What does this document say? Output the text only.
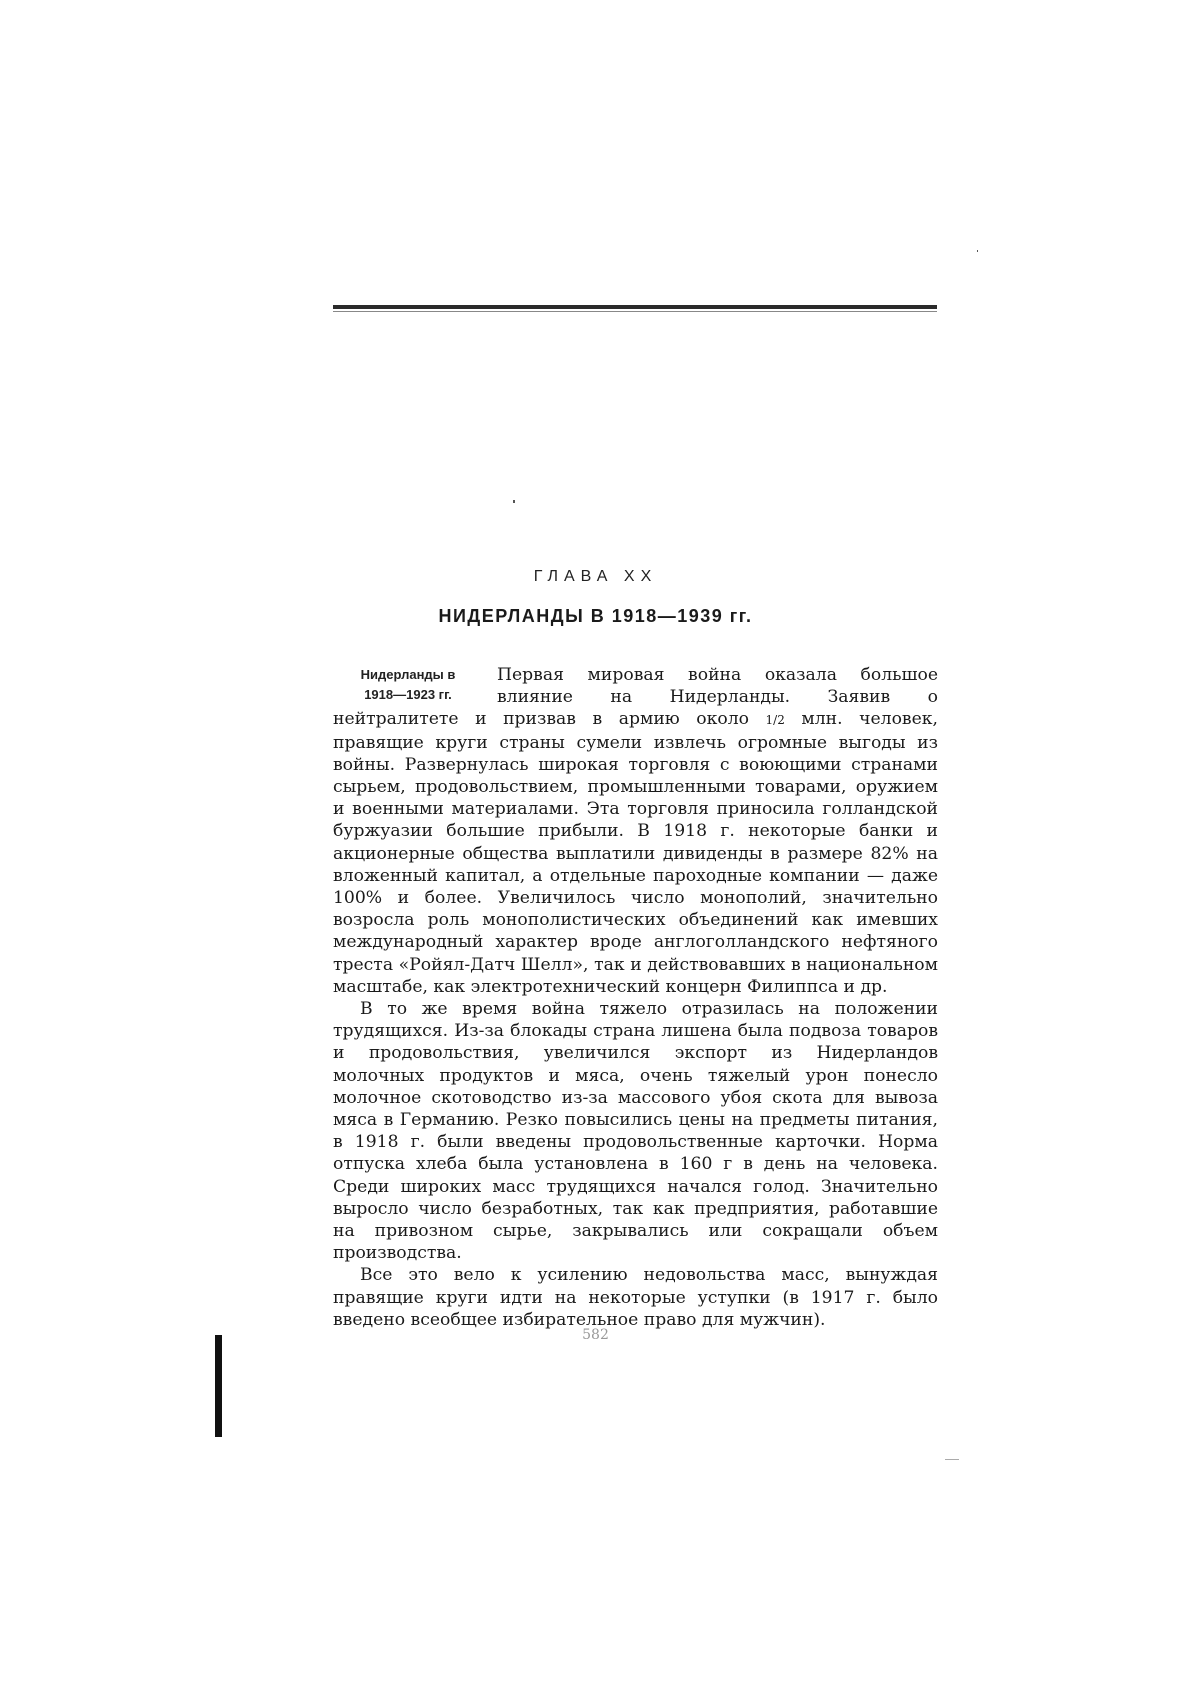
ГЛАВА XX
НИДЕРЛАНДЫ В 1918—1939 гг.
Нидерланды в
1918—1923 гг.

Первая мировая война оказала большое влияние на Нидерланды. Заявив о нейтралитете и призвав в армию около 1/2 млн. человек, правящие круги страны сумели извлечь огромные выгоды из войны. Развернулась широкая торговля с воюющими странами сырьем, продовольствием, промышленными товарами, оружием и военными материалами. Эта торговля приносила голландской буржуазии большие прибыли. В 1918 г. некоторые банки и акционерные общества выплатили дивиденды в размере 82% на вложенный капитал, а отдельные пароходные компании — даже 100% и более. Увеличилось число монополий, значительно возросла роль монополистических объединений как имевших международный характер вроде англоголландского нефтяного треста «Ройял-Датч Шелл», так и действовавших в национальном масштабе, как электротехнический концерн Филиппса и др.

В то же время война тяжело отразилась на положении трудящихся. Из-за блокады страна лишена была подвоза товаров и продовольствия, увеличился экспорт из Нидерландов молочных продуктов и мяса, очень тяжелый урон понесло молочное скотоводство из-за массового убоя скота для вывоза мяса в Германию. Резко повысились цены на предметы питания, в 1918 г. были введены продовольственные карточки. Норма отпуска хлеба была установлена в 160 г в день на человека. Среди широких масс трудящихся начался голод. Значительно выросло число безработных, так как предприятия, работавшие на привозном сырье, закрывались или сокращали объем производства.

Все это вело к усилению недовольства масс, вынуждая правящие круги идти на некоторые уступки (в 1917 г. было введено всеобщее избирательное право для мужчин).

582
